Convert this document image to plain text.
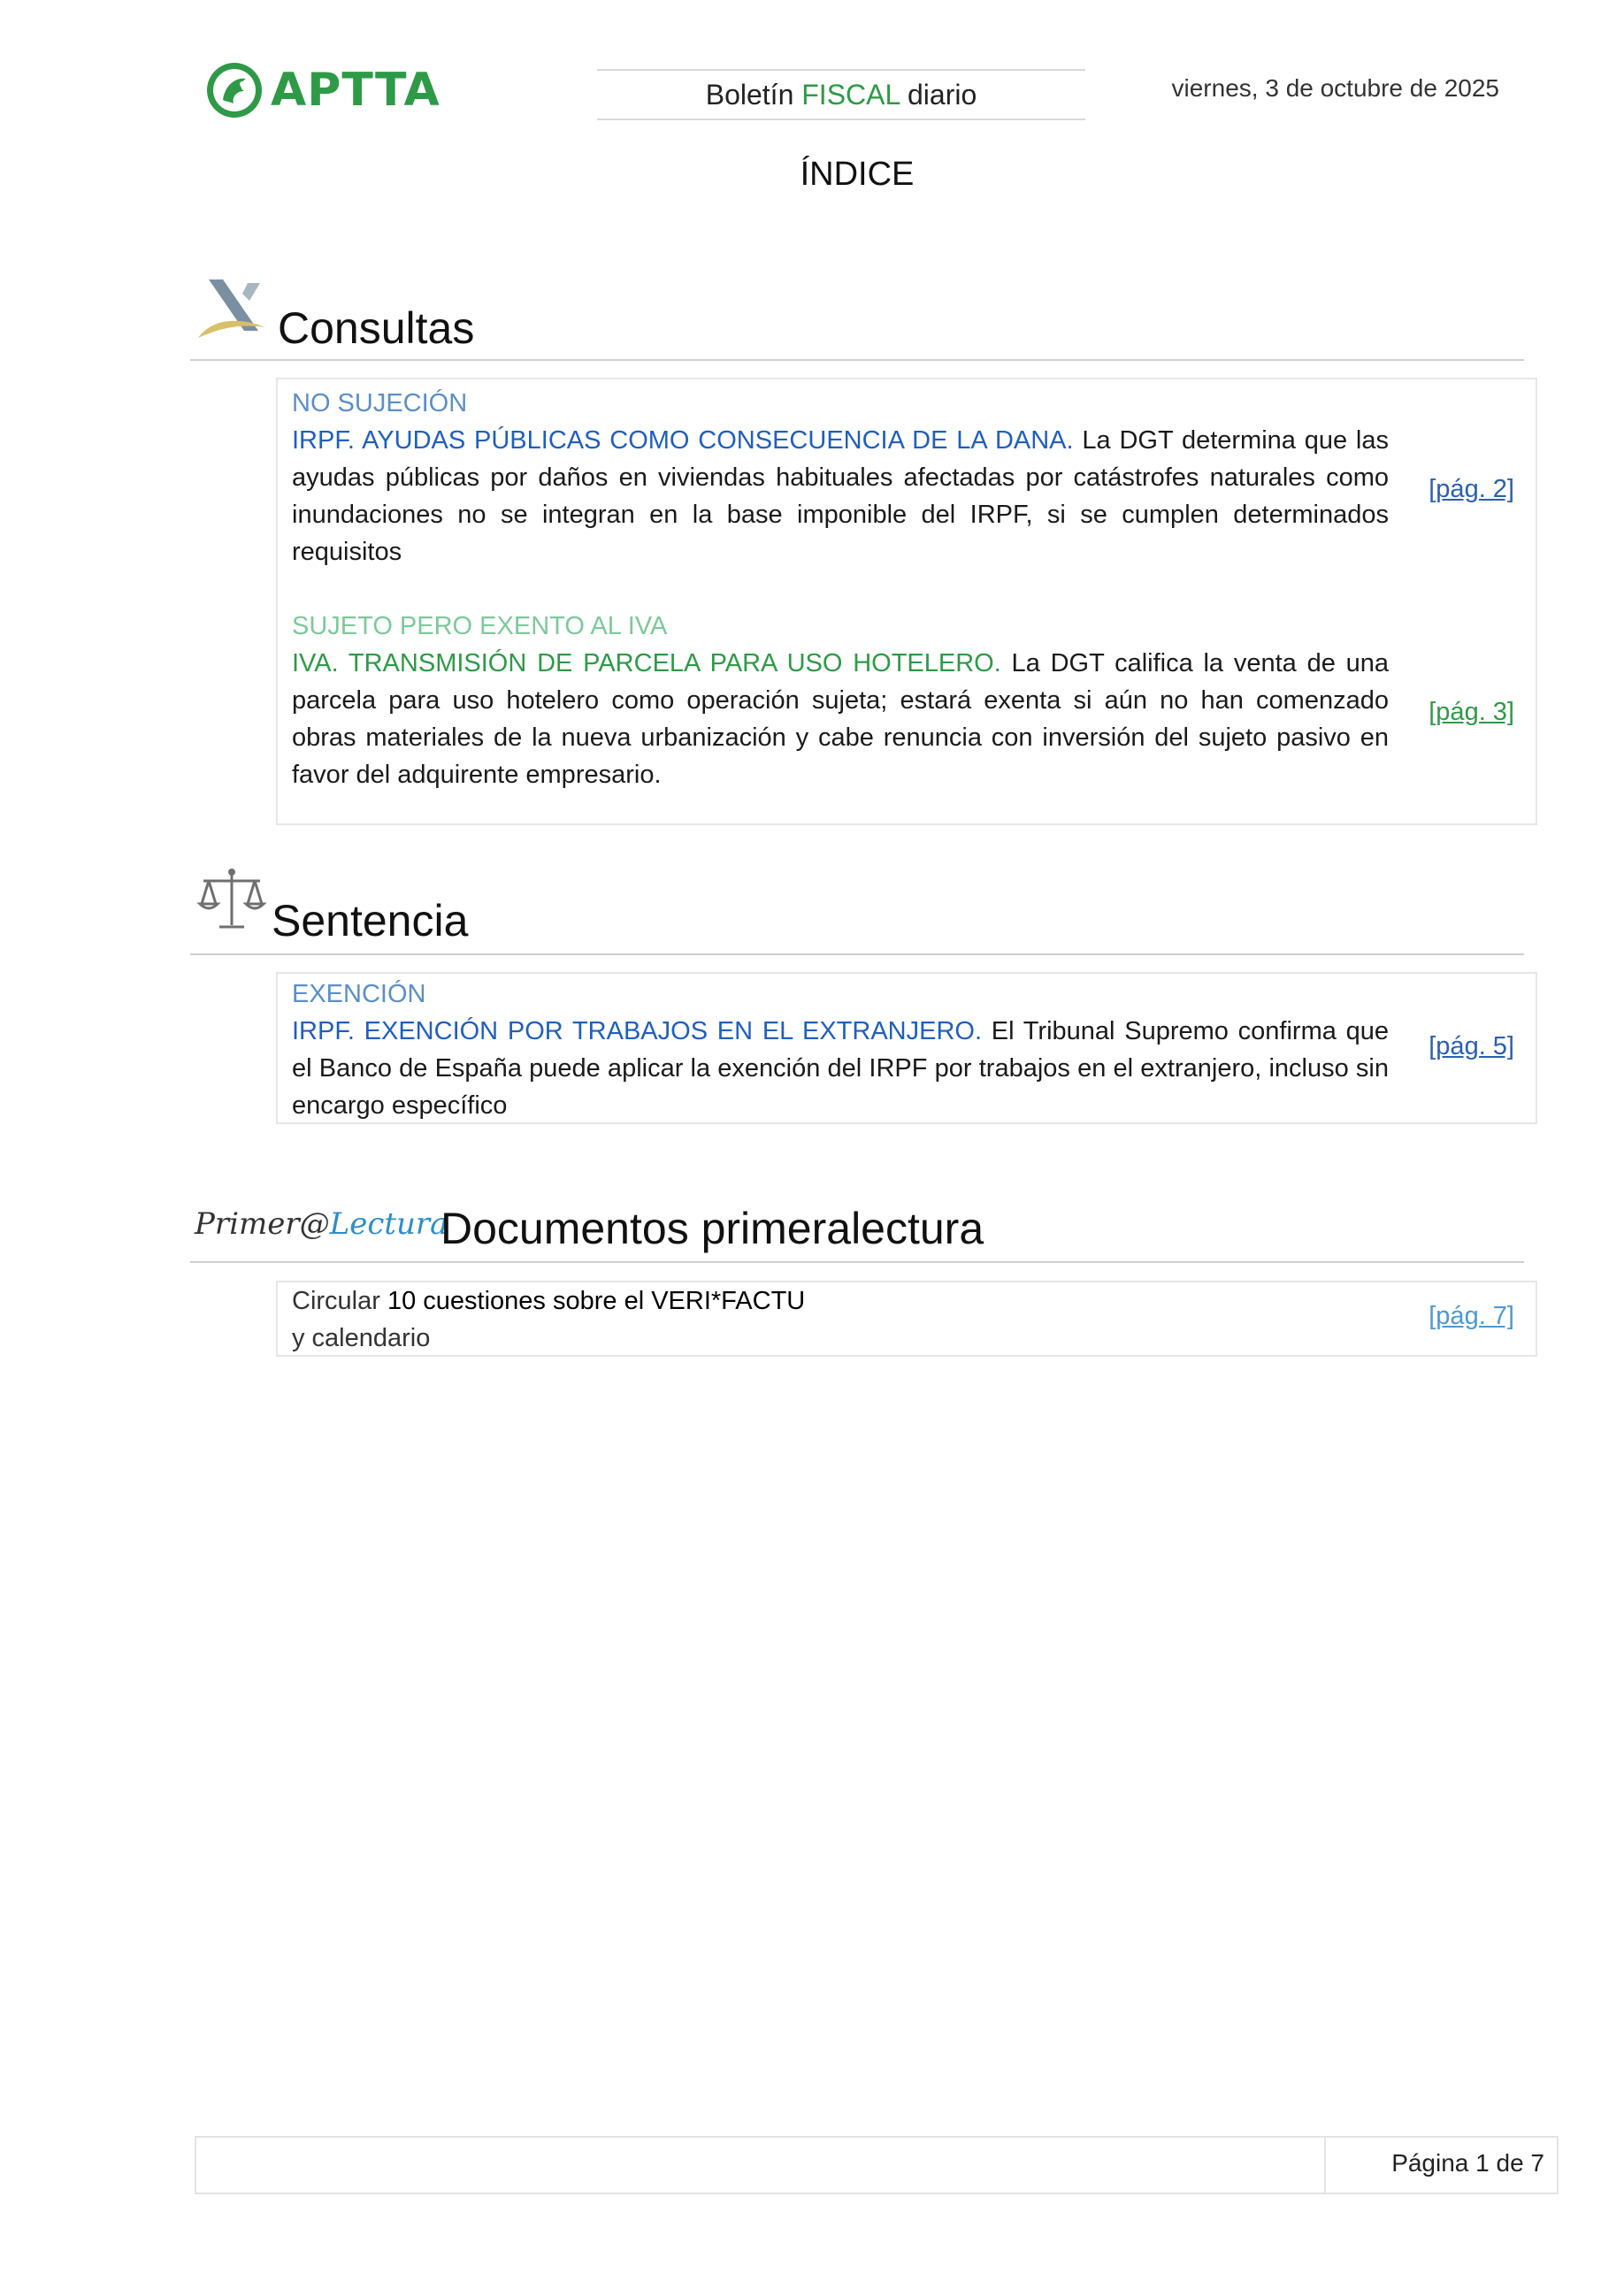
APTTA	Boletín FISCAL diario	viernes, 3 de octubre de 2025
ÍNDICE
Consultas
NO SUJECIÓN
IRPF. AYUDAS PÚBLICAS COMO CONSECUENCIA DE LA DANA. La DGT determina que las ayudas públicas por daños en viviendas habituales afectadas por catástrofes naturales como inundaciones no se integran en la base imponible del IRPF, si se cumplen determinados requisitos
[pág. 2]
SUJETO PERO EXENTO AL IVA
IVA. TRANSMISIÓN DE PARCELA PARA USO HOTELERO. La DGT califica la venta de una parcela para uso hotelero como operación sujeta; estará exenta si aún no han comenzado obras materiales de la nueva urbanización y cabe renuncia con inversión del sujeto pasivo en favor del adquirente empresario.
[pág. 3]
Sentencia
EXENCIÓN
IRPF. EXENCIÓN POR TRABAJOS EN EL EXTRANJERO. El Tribunal Supremo confirma que el Banco de España puede aplicar la exención del IRPF por trabajos en el extranjero, incluso sin encargo específico
[pág. 5]
Primer@Lectura
Documentos primeralectura
Circular 10 cuestiones sobre el VERI*FACTU
y calendario
[pág. 7]
Página 1 de 7
